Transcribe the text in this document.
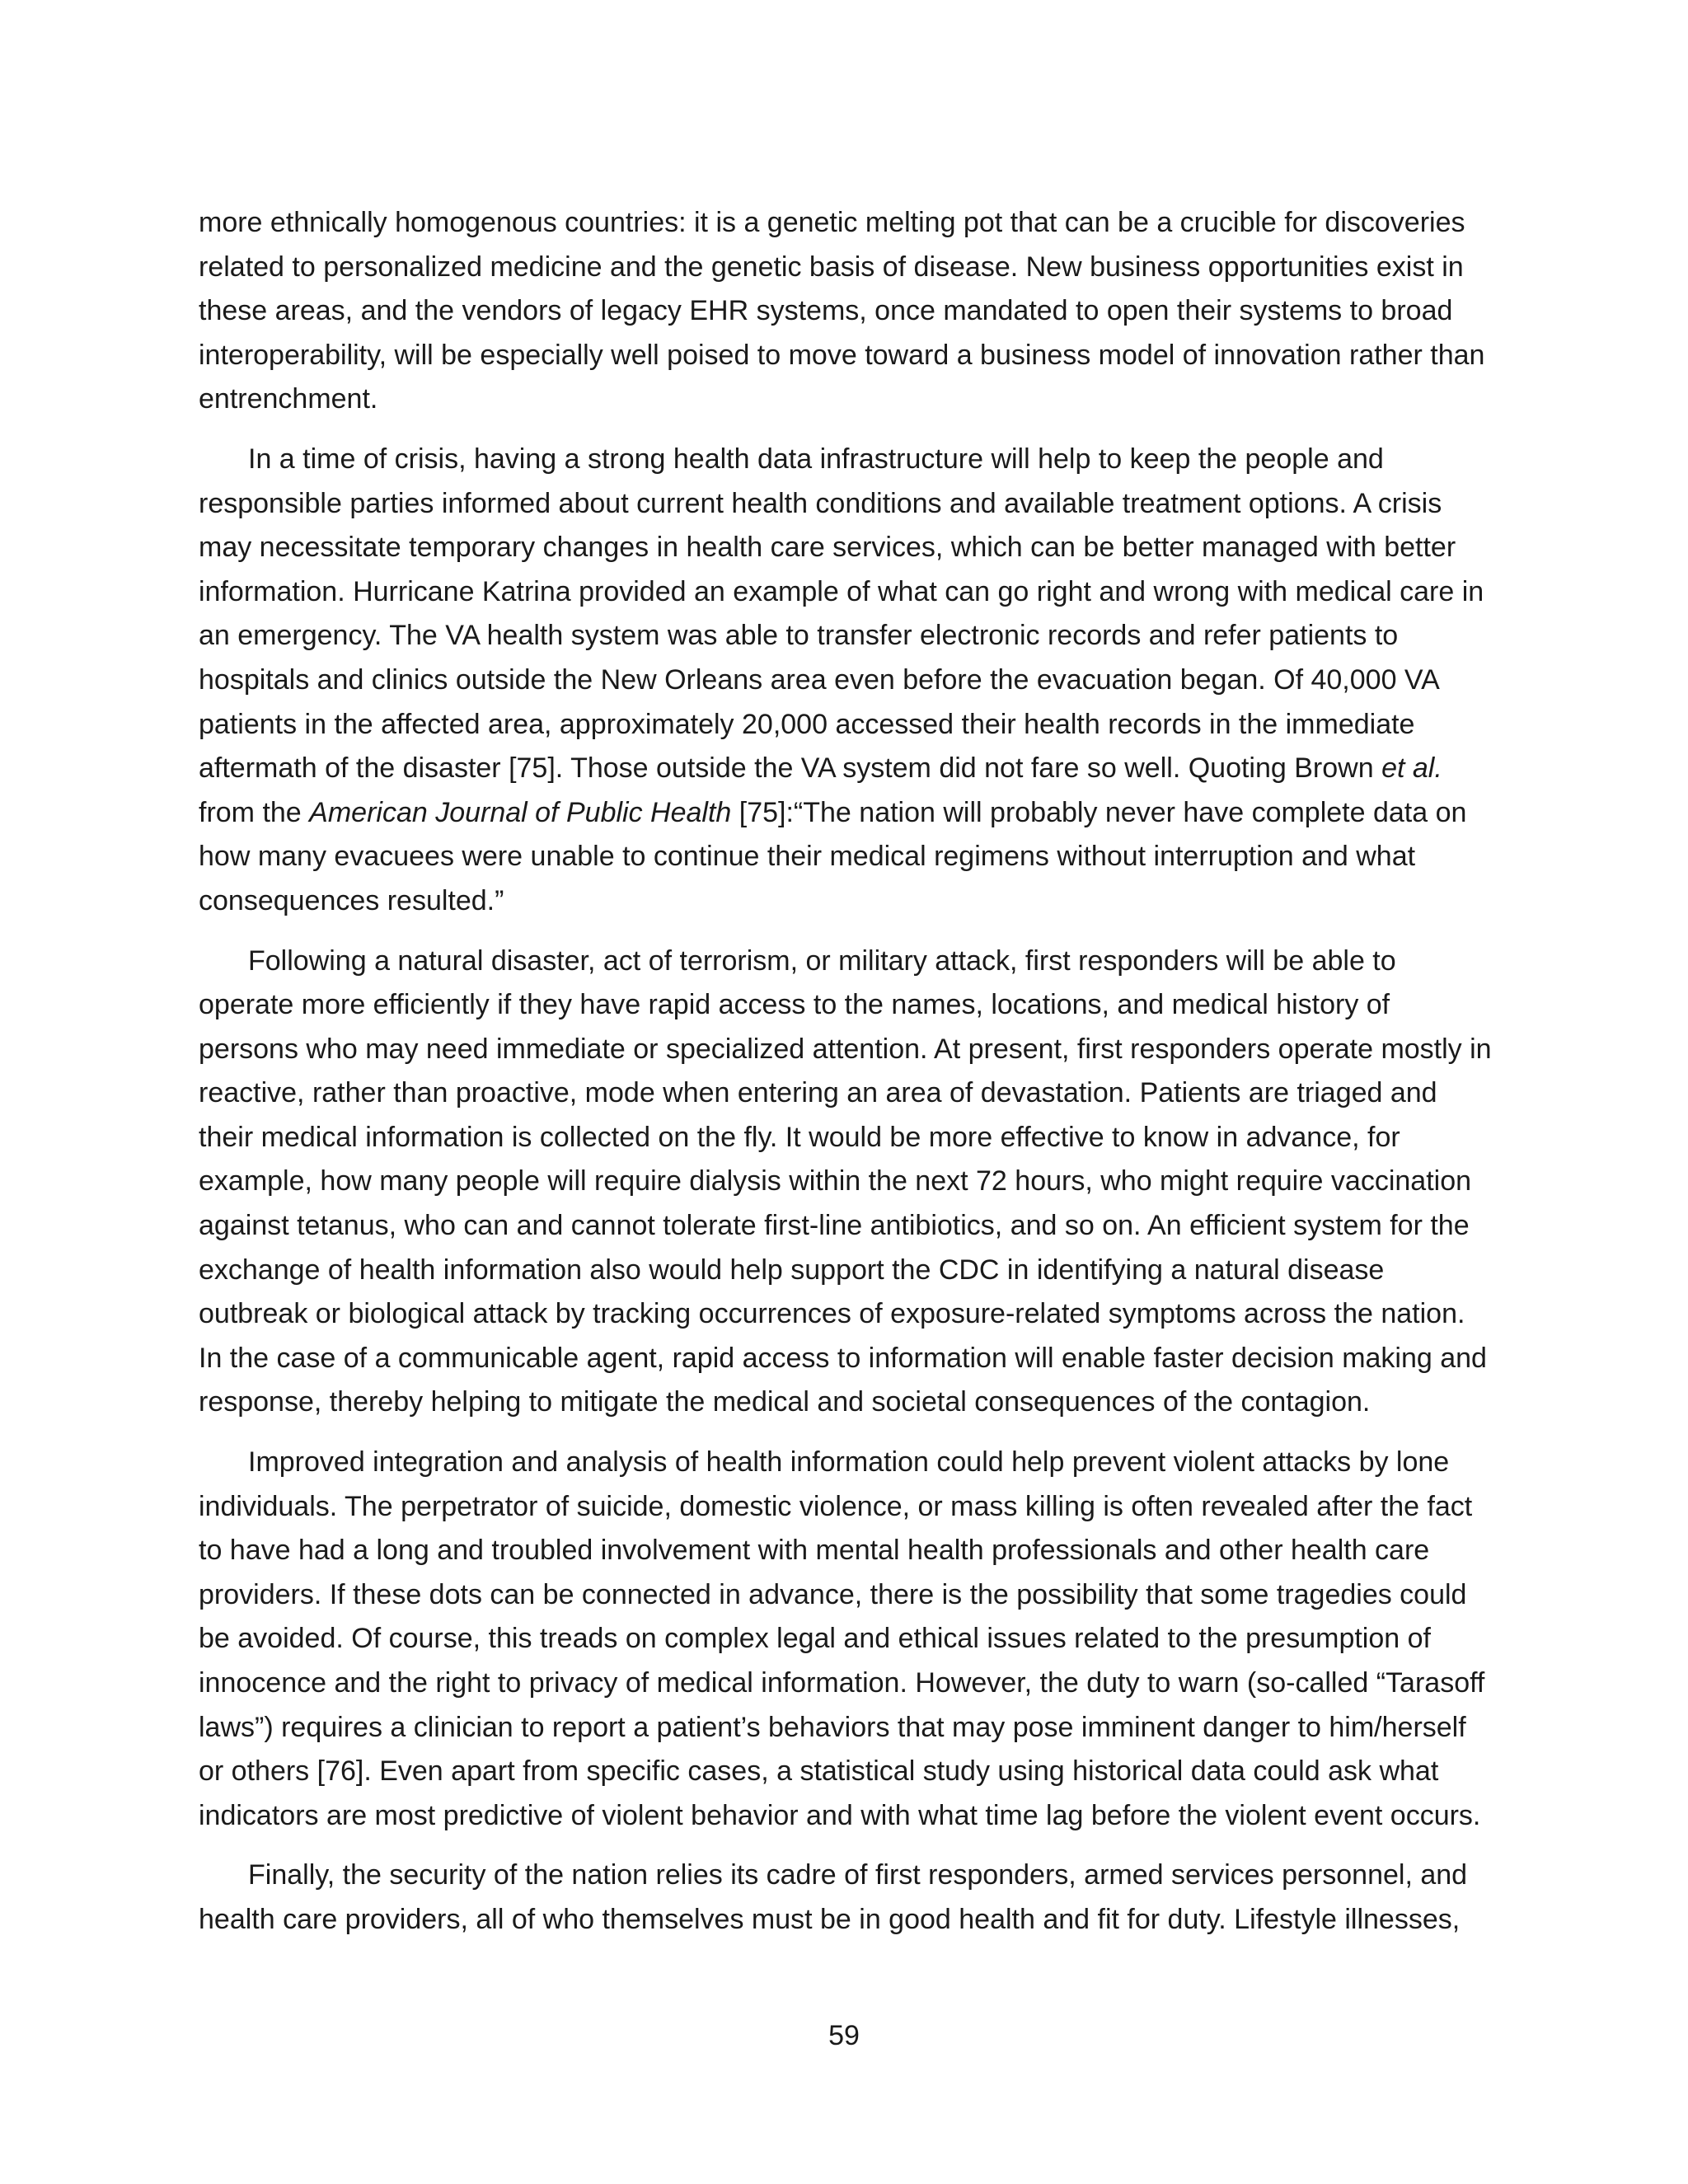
more ethnically homogenous countries: it is a genetic melting pot that can be a crucible for discoveries related to personalized medicine and the genetic basis of disease. New business opportunities exist in these areas, and the vendors of legacy EHR systems, once mandated to open their systems to broad interoperability, will be especially well poised to move toward a business model of innovation rather than entrenchment.

In a time of crisis, having a strong health data infrastructure will help to keep the people and responsible parties informed about current health conditions and available treatment options. A crisis may necessitate temporary changes in health care services, which can be better managed with better information. Hurricane Katrina provided an example of what can go right and wrong with medical care in an emergency. The VA health system was able to transfer electronic records and refer patients to hospitals and clinics outside the New Orleans area even before the evacuation began. Of 40,000 VA patients in the affected area, approximately 20,000 accessed their health records in the immediate aftermath of the disaster [75]. Those outside the VA system did not fare so well. Quoting Brown et al. from the American Journal of Public Health [75]:“The nation will probably never have complete data on how many evacuees were unable to continue their medical regimens without interruption and what consequences resulted.”

Following a natural disaster, act of terrorism, or military attack, first responders will be able to operate more efficiently if they have rapid access to the names, locations, and medical history of persons who may need immediate or specialized attention. At present, first responders operate mostly in reactive, rather than proactive, mode when entering an area of devastation. Patients are triaged and their medical information is collected on the fly. It would be more effective to know in advance, for example, how many people will require dialysis within the next 72 hours, who might require vaccination against tetanus, who can and cannot tolerate first-line antibiotics, and so on. An efficient system for the exchange of health information also would help support the CDC in identifying a natural disease outbreak or biological attack by tracking occurrences of exposure-related symptoms across the nation. In the case of a communicable agent, rapid access to information will enable faster decision making and response, thereby helping to mitigate the medical and societal consequences of the contagion.

Improved integration and analysis of health information could help prevent violent attacks by lone individuals. The perpetrator of suicide, domestic violence, or mass killing is often revealed after the fact to have had a long and troubled involvement with mental health professionals and other health care providers. If these dots can be connected in advance, there is the possibility that some tragedies could be avoided. Of course, this treads on complex legal and ethical issues related to the presumption of innocence and the right to privacy of medical information. However, the duty to warn (so-called “Tarasoff laws”) requires a clinician to report a patient’s behaviors that may pose imminent danger to him/herself or others [76]. Even apart from specific cases, a statistical study using historical data could ask what indicators are most predictive of violent behavior and with what time lag before the violent event occurs.

Finally, the security of the nation relies its cadre of first responders, armed services personnel, and health care providers, all of who themselves must be in good health and fit for duty. Lifestyle illnesses,

59
